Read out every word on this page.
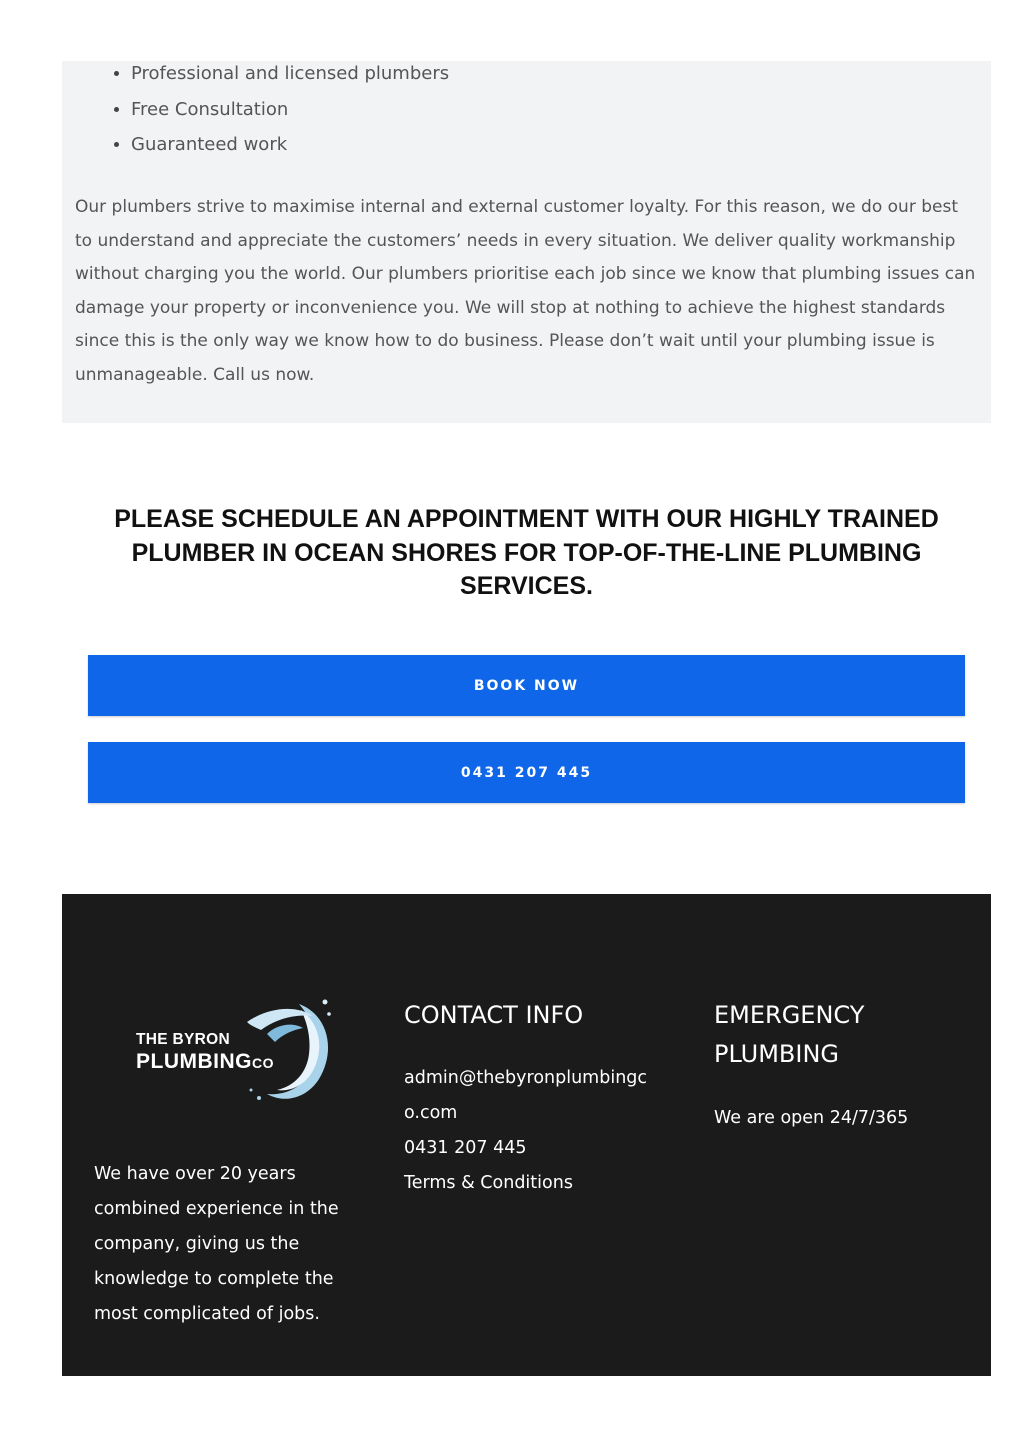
• Professional and licensed plumbers
• Free Consultation
• Guaranteed work

Our plumbers strive to maximise internal and external customer loyalty. For this reason, we do our best to understand and appreciate the customers’ needs in every situation. We deliver quality workmanship without charging you the world. Our plumbers prioritise each job since we know that plumbing issues can damage your property or inconvenience you. We will stop at nothing to achieve the highest standards since this is the only way we know how to do business. Please don’t wait until your plumbing issue is unmanageable. Call us now.

PLEASE SCHEDULE AN APPOINTMENT WITH OUR HIGHLY TRAINED PLUMBER IN OCEAN SHORES FOR TOP-OF-THE-LINE PLUMBING SERVICES.
BOOK NOW
0431 207 445
THE BYRON
PLUMBINGCO

We have over 20 years combined experience in the company, giving us the knowledge to complete the most complicated of jobs.

CONTACT INFO
admin@thebyronplumbingco.com
0431 207 445
Terms & Conditions
EMERGENCY PLUMBING

We are open 24/7/365
